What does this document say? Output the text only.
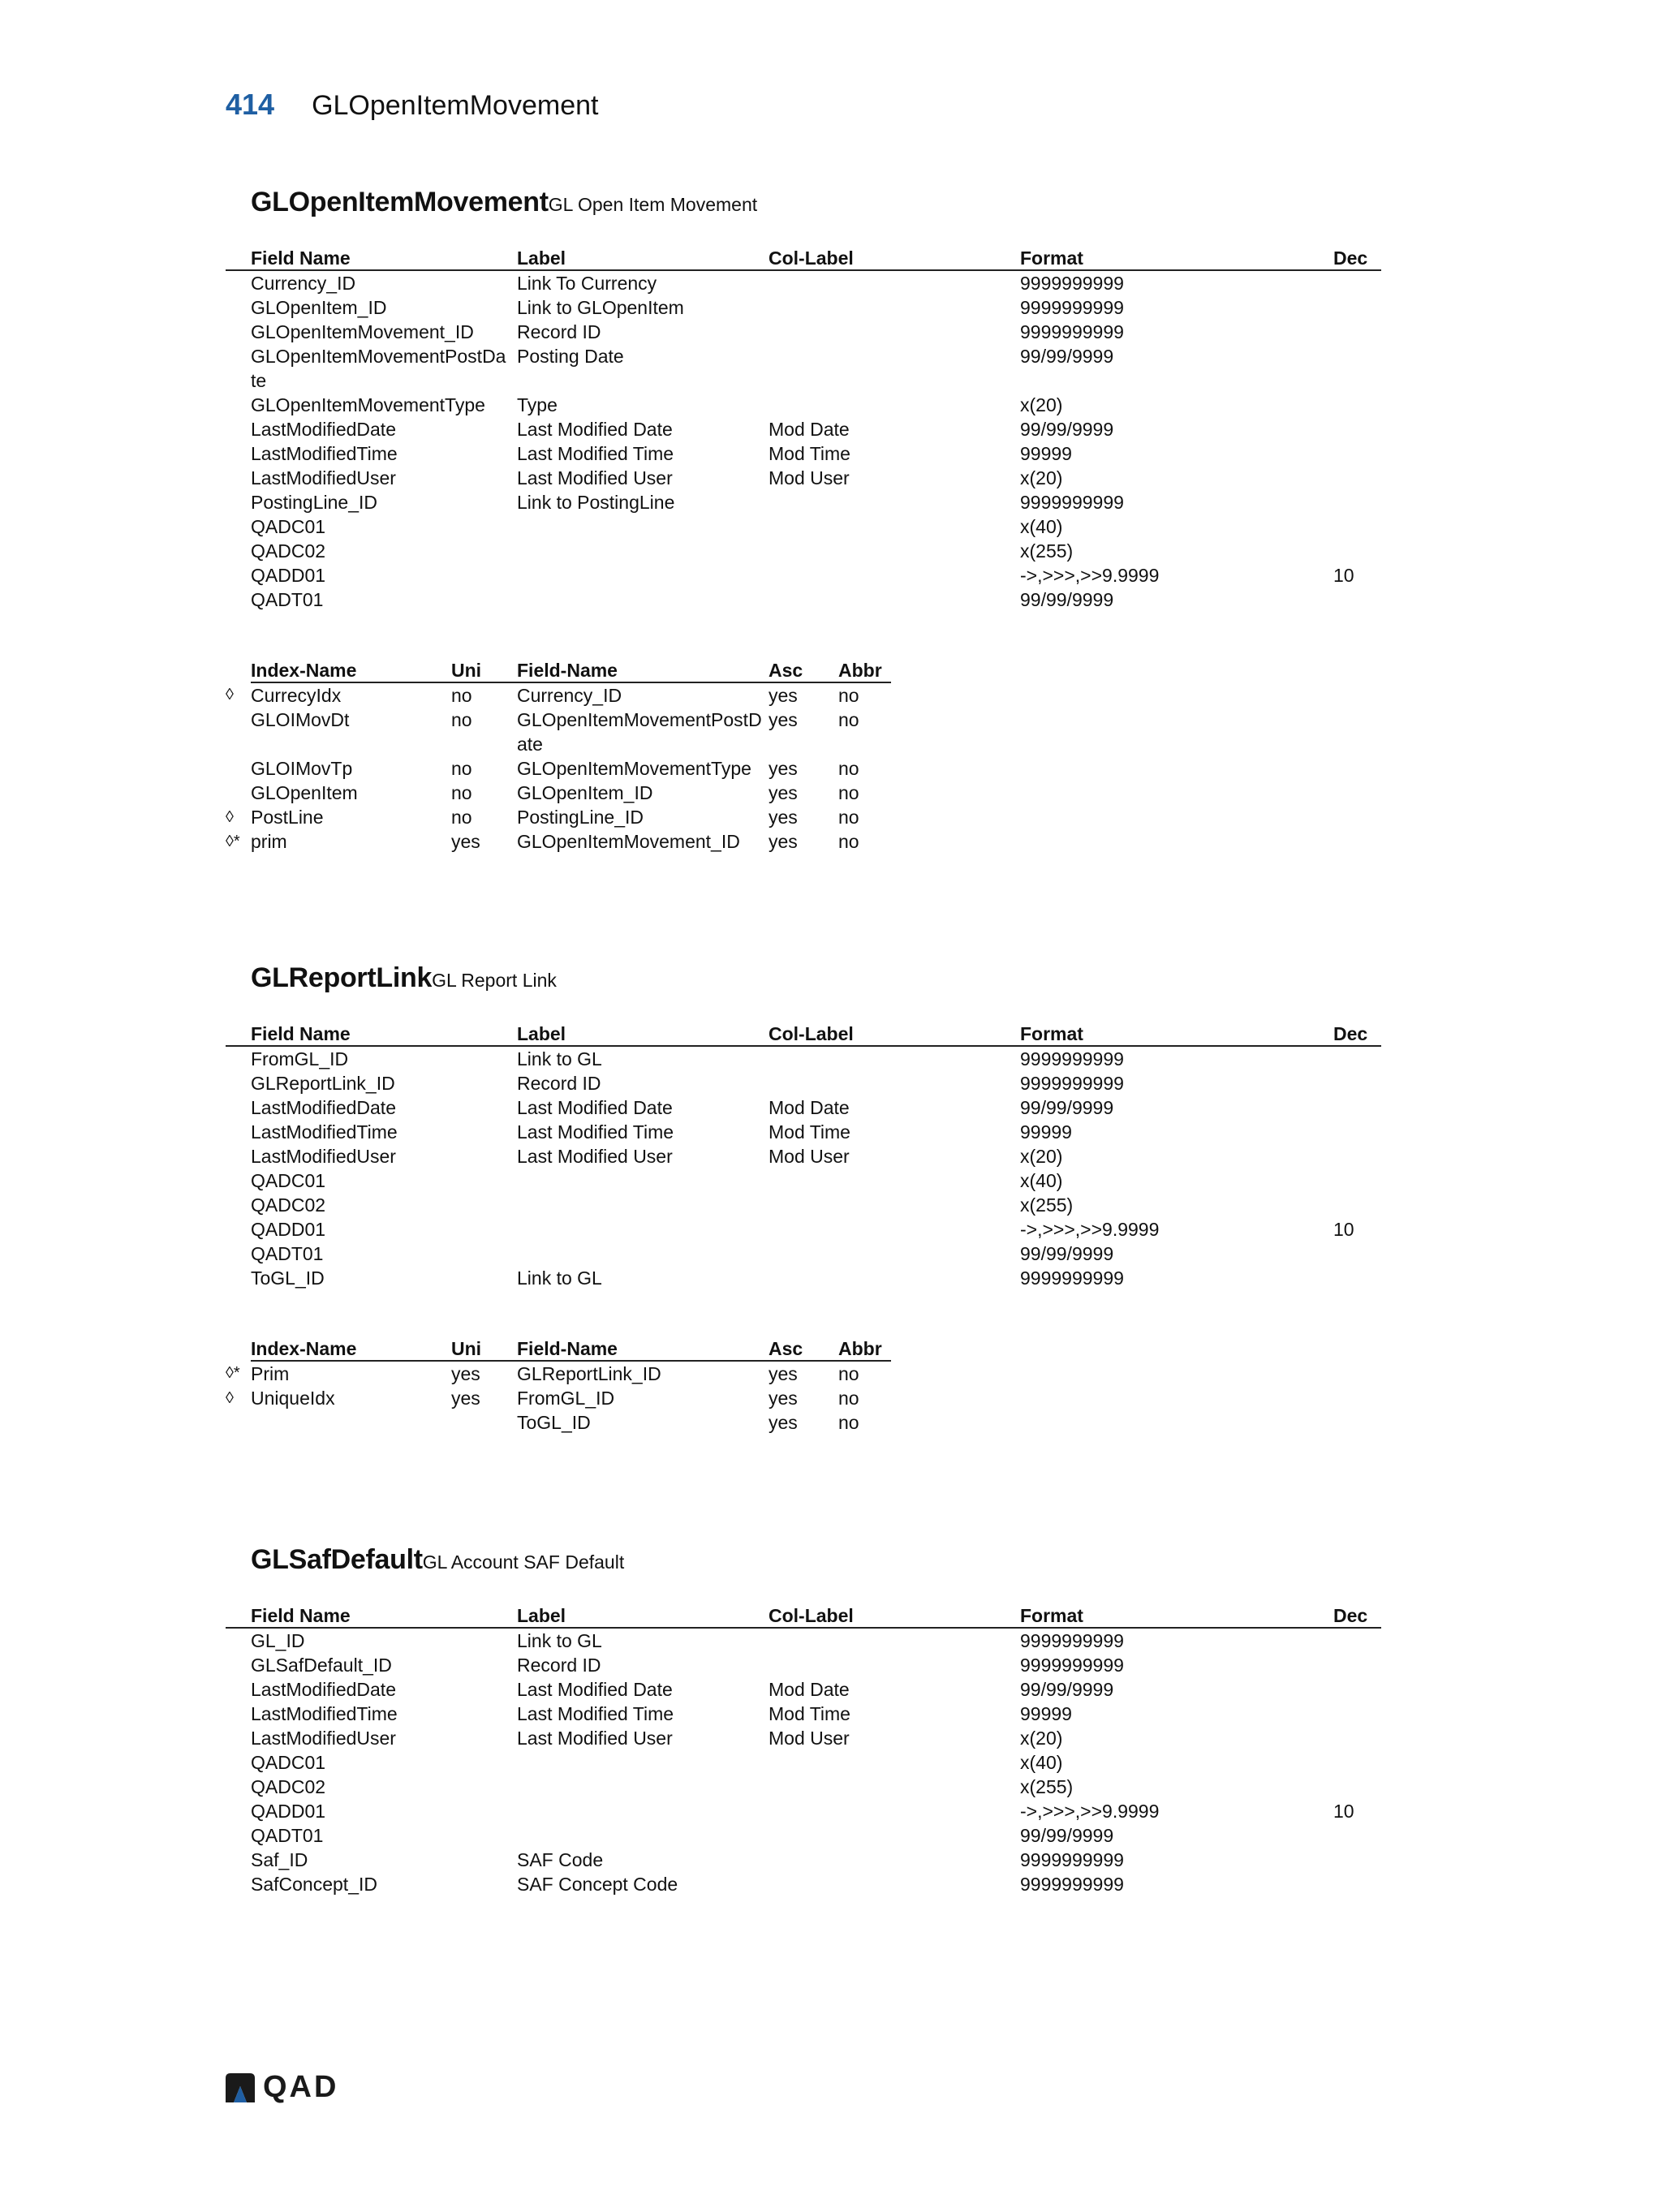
414 GLOpenItemMovement
GLOpenItemMovement GL Open Item Movement
	Field Name	Label	Col-Label	Format	Dec
	Currency_ID	Link To Currency		9999999999	
	GLOpenItem_ID	Link to GLOpenItem		9999999999	
	GLOpenItemMovement_ID	Record ID		9999999999	
	GLOpenItemMovementPostDate	Posting Date		99/99/9999	
	GLOpenItemMovementType	Type		x(20)	
	LastModifiedDate	Last Modified Date	Mod Date	99/99/9999	
	LastModifiedTime	Last Modified Time	Mod Time	99999	
	LastModifiedUser	Last Modified User	Mod User	x(20)	
	PostingLine_ID	Link to PostingLine		9999999999	
	QADC01			x(40)	
	QADC02			x(255)	
	QADD01			->,>>>,>>9.9999	10
	QADT01			99/99/9999	
	Index-Name	Uni	Field-Name	Asc	Abbr
◊	CurrecyIdx	no	Currency_ID	yes	no
	GLOIMovDt	no	GLOpenItemMovementPostDate	yes	no
	GLOIMovTp	no	GLOpenItemMovementType	yes	no
	GLOpenItem	no	GLOpenItem_ID	yes	no
◊	PostLine	no	PostingLine_ID	yes	no
◊*	prim	yes	GLOpenItemMovement_ID	yes	no
GLReportLink GL Report Link
	Field Name	Label	Col-Label	Format	Dec
	FromGL_ID	Link to GL		9999999999	
	GLReportLink_ID	Record ID		9999999999	
	LastModifiedDate	Last Modified Date	Mod Date	99/99/9999	
	LastModifiedTime	Last Modified Time	Mod Time	99999	
	LastModifiedUser	Last Modified User	Mod User	x(20)	
	QADC01			x(40)	
	QADC02			x(255)	
	QADD01			->,>>>,>>9.9999	10
	QADT01			99/99/9999	
	ToGL_ID	Link to GL		9999999999	
	Index-Name	Uni	Field-Name	Asc	Abbr
◊*	Prim	yes	GLReportLink_ID	yes	no
◊	UniqueIdx	yes	FromGL_ID	yes	no
			ToGL_ID	yes	no
GLSafDefault GL Account SAF Default
	Field Name	Label	Col-Label	Format	Dec
	GL_ID	Link to GL		9999999999	
	GLSafDefault_ID	Record ID		9999999999	
	LastModifiedDate	Last Modified Date	Mod Date	99/99/9999	
	LastModifiedTime	Last Modified Time	Mod Time	99999	
	LastModifiedUser	Last Modified User	Mod User	x(20)	
	QADC01			x(40)	
	QADC02			x(255)	
	QADD01			->,>>>,>>9.9999	10
	QADT01			99/99/9999	
	Saf_ID	SAF Code		9999999999	
	SafConcept_ID	SAF Concept Code		9999999999	
QAD
